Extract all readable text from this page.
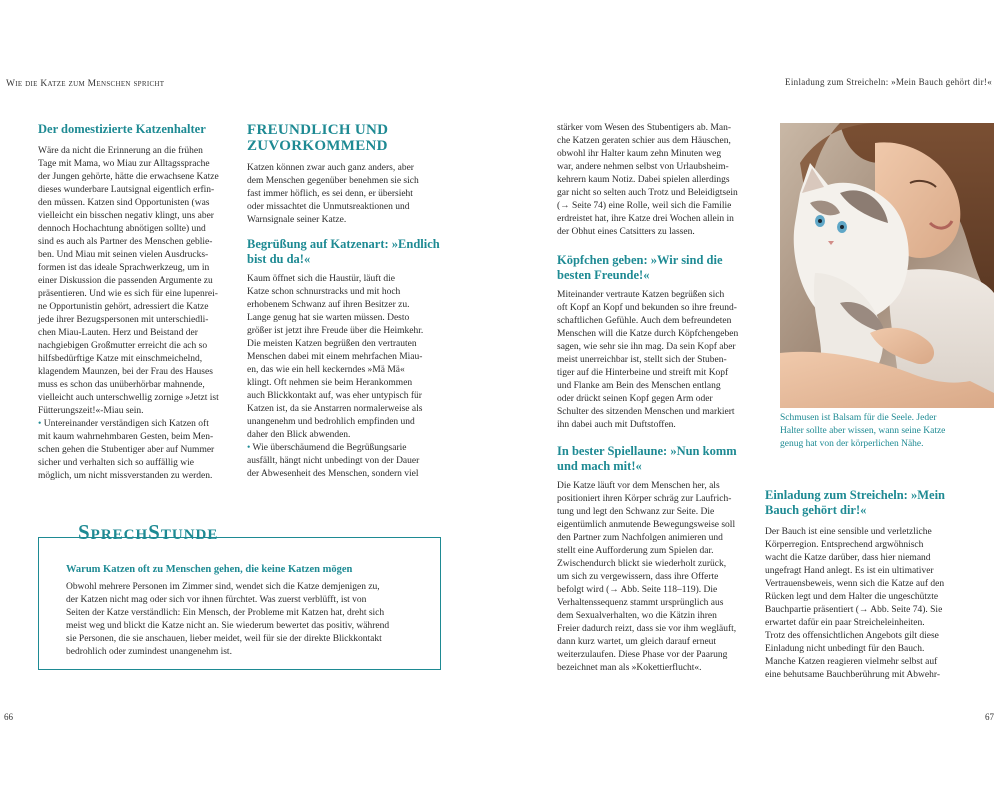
Wie die Katze zum Menschen spricht	Einladung zum Streicheln: »Mein Bauch gehört dir!«
Der domestizierte Katzenhalter
Wäre da nicht die Erinnerung an die frühen
Tage mit Mama, wo Miau zur Alltagssprache
der Jungen gehörte, hätte die erwachsene Katze
dieses wunderbare Lautsignal eigentlich erfin-
den müssen. Katzen sind Opportunisten (was
vielleicht ein bisschen negativ klingt, uns aber
dennoch Hochachtung abnötigen sollte) und
sind es auch als Partner des Menschen geblie-
ben. Und Miau mit seinen vielen Ausdrucks-
formen ist das ideale Sprachwerkzeug, um in
einer Diskussion die passenden Argumente zu
präsentieren. Und wie es sich für eine lupenrei-
ne Opportunistin gehört, adressiert die Katze
jede ihrer Bezugspersonen mit unterschiedli-
chen Miau-Lauten. Herz und Beistand der
nachgiebigen Großmutter erreicht die ach so
hilfsbedürftige Katze mit einschmeichelnd,
klagendem Maunzen, bei der Frau des Hauses
muss es schon das unüberhörbar mahnende,
vielleicht auch unterschwellig zornige »Jetzt ist
Fütterungszeit!«-Miau sein.
• Untereinander verständigen sich Katzen oft
mit kaum wahrnehmbaren Gesten, beim Men-
schen gehen die Stubentiger aber auf Nummer
sicher und verhalten sich so auffällig wie
möglich, um nicht missverstanden zu werden.
FREUNDLICH UND ZUVORKOMMEND
Katzen können zwar auch ganz anders, aber
dem Menschen gegenüber benehmen sie sich
fast immer höflich, es sei denn, er übersieht
oder missachtet die Unmutsreaktionen und
Warnsignale seiner Katze.
Begrüßung auf Katzenart: »Endlich bist du da!«
Kaum öffnet sich die Haustür, läuft die
Katze schon schnurstracks und mit hoch
erhobenem Schwanz auf ihren Besitzer zu.
Lange genug hat sie warten müssen. Desto
größer ist jetzt ihre Freude über die Heimkehr.
Die meisten Katzen begrüßen den vertrauten
Menschen dabei mit einem mehrfachen Miau-
en, das wie ein hell keckerndes »Mä Mä«
klingt. Oft nehmen sie beim Herankommen
auch Blickkontakt auf, was eher untypisch für
Katzen ist, da sie Anstarren normalerweise als
unangenehm und bedrohlich empfinden und
daher den Blick abwenden.
• Wie überschäumend die Begrüßungsarie
ausfällt, hängt nicht unbedingt von der Dauer
der Abwesenheit des Menschen, sondern viel
SprechStunde
Warum Katzen oft zu Menschen gehen, die keine Katzen mögen
Obwohl mehrere Personen im Zimmer sind, wendet sich die Katze demjenigen zu,
der Katzen nicht mag oder sich vor ihnen fürchtet. Was zuerst verblüfft, ist von
Seiten der Katze verständlich: Ein Mensch, der Probleme mit Katzen hat, dreht sich
meist weg und blickt die Katze nicht an. Sie wiederum bewertet das positiv, während
sie Personen, die sie anschauen, lieber meidet, weil für sie der direkte Blickkontakt
bedrohlich oder zumindest unangenehm ist.
stärker vom Wesen des Stubentigers ab. Man-
che Katzen geraten schier aus dem Häuschen,
obwohl ihr Halter kaum zehn Minuten weg
war, andere nehmen selbst von Urlaubsheim-
kehrern kaum Notiz. Dabei spielen allerdings
gar nicht so selten auch Trotz und Beleidigtsein
(→ Seite 74) eine Rolle, weil sich die Familie
erdreistet hat, ihre Katze drei Wochen allein in
der Obhut eines Catsitters zu lassen.
Köpfchen geben: »Wir sind die besten Freunde!«
Miteinander vertraute Katzen begrüßen sich
oft Kopf an Kopf und bekunden so ihre freund-
schaftlichen Gefühle. Auch dem befreundeten
Menschen will die Katze durch Köpfchengeben
sagen, wie sehr sie ihn mag. Da sein Kopf aber
meist unerreichbar ist, stellt sich der Stuben-
tiger auf die Hinterbeine und streift mit Kopf
und Flanke am Bein des Menschen entlang
oder drückt seinen Kopf gegen Arm oder
Schulter des sitzenden Menschen und markiert
ihn dabei auch mit Duftstoffen.
In bester Spiellaune: »Nun komm und mach mit!«
Die Katze läuft vor dem Menschen her, als
positioniert ihren Körper schräg zur Laufrich-
tung und legt den Schwanz zur Seite. Die
eigentümlich anmutende Bewegungsweise soll
den Partner zum Nachfolgen animieren und
stellt eine Aufforderung zum Spielen dar.
Zwischendurch blickt sie wiederholt zurück,
um sich zu vergewissern, dass ihre Offerte
befolgt wird (→ Abb. Seite 118–119). Die
Verhaltenssequenz stammt ursprünglich aus
dem Sexualverhalten, wo die Kätzin ihren
Freier dadurch reizt, dass sie vor ihm wegläuft,
dann kurz wartet, um gleich darauf erneut
weiterzulaufen. Diese Phase vor der Paarung
bezeichnet man als »Kokettierflucht«.
Schmusen ist Balsam für die Seele. Jeder
Halter sollte aber wissen, wann seine Katze
genug hat von der körperlichen Nähe.
Einladung zum Streicheln: »Mein Bauch gehört dir!«
Der Bauch ist eine sensible und verletzliche
Körperregion. Entsprechend argwöhnisch
wacht die Katze darüber, dass hier niemand
ungefragt Hand anlegt. Es ist ein ultimativer
Vertrauensbeweis, wenn sich die Katze auf den
Rücken legt und dem Halter die ungeschützte
Bauchpartie präsentiert (→ Abb. Seite 74). Sie
erwartet dafür ein paar Streicheleinheiten.
Trotz des offensichtlichen Angebots gilt diese
Einladung nicht unbedingt für den Bauch.
Manche Katzen reagieren vielmehr selbst auf
eine behutsame Bauchberührung mit Abwehr-
66	67
